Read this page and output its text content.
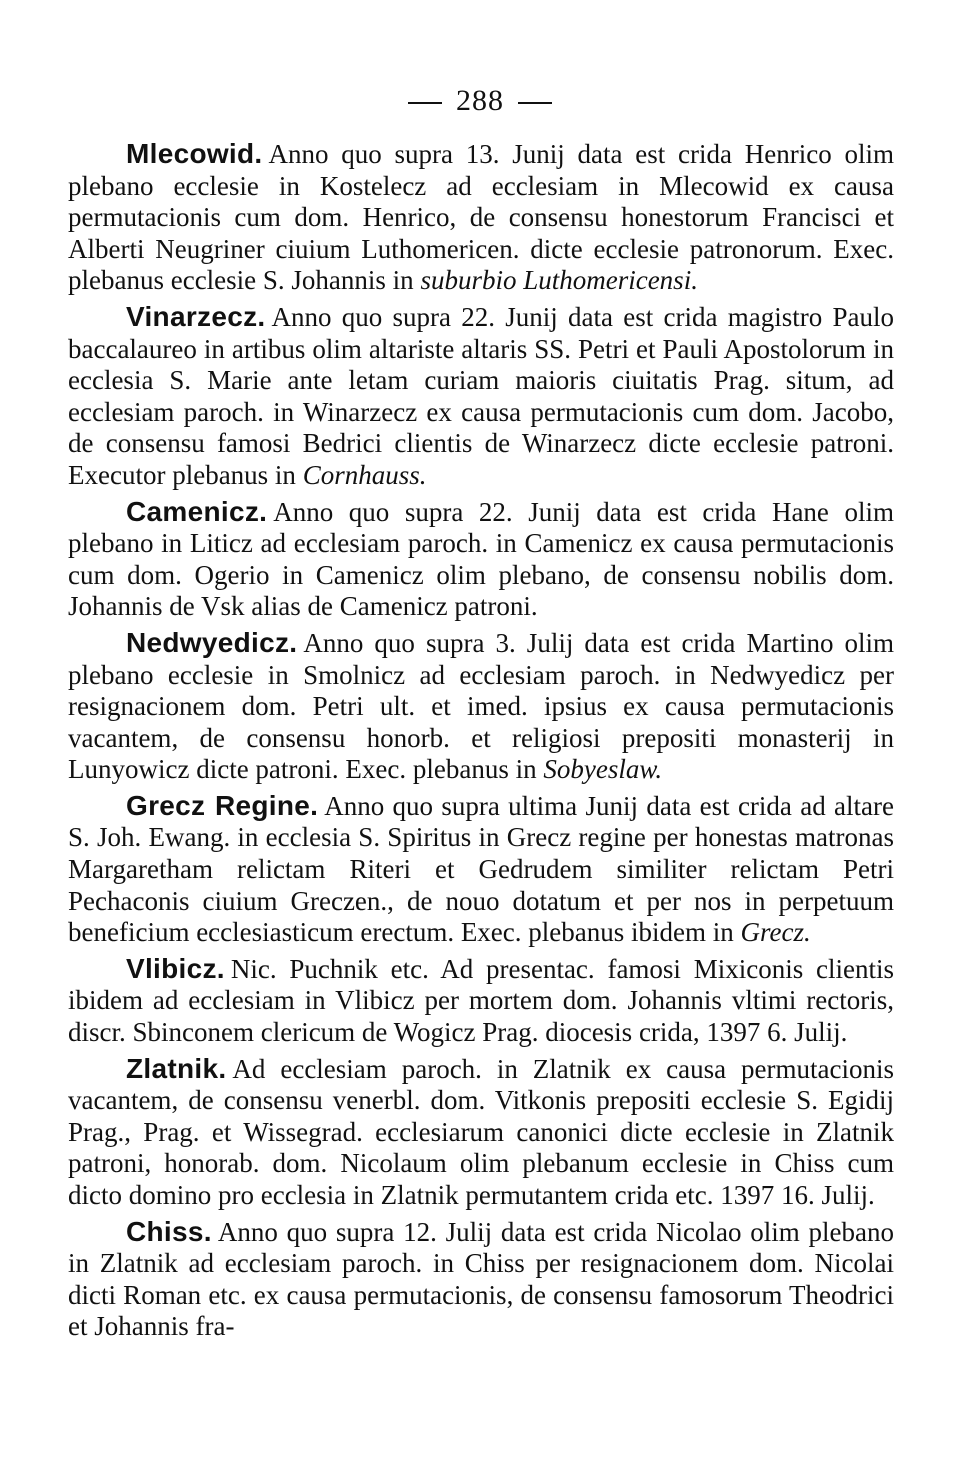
288

Mlecowid. Anno quo supra 13. Junij data est crida Henrico olim plebano ecclesie in Kostelecz ad ecclesiam in Mlecowid ex causa permutacionis cum dom. Henrico, de consensu honestorum Francisci et Alberti Neugriner ciuium Luthomericen. dicte ecclesie patronorum. Exec. plebanus ecclesie S. Johannis in suburbio Luthomericensi.

Vinarzecz. Anno quo supra 22. Junij data est crida magistro Paulo baccalaureo in artibus olim altariste altaris SS. Petri et Pauli Apostolorum in ecclesia S. Marie ante letam curiam maioris ciuitatis Prag. situm, ad ecclesiam paroch. in Winarzecz ex causa permutacionis cum dom. Jacobo, de consensu famosi Bedrici clientis de Winarzecz dicte ecclesie patroni. Executor plebanus in Cornhauss.

Camenicz. Anno quo supra 22. Junij data est crida Hane olim plebano in Liticz ad ecclesiam paroch. in Camenicz ex causa permutacionis cum dom. Ogerio in Camenicz olim plebano, de consensu nobilis dom. Johannis de Vsk alias de Camenicz patroni.

Nedwyedicz. Anno quo supra 3. Julij data est crida Martino olim plebano ecclesie in Smolnicz ad ecclesiam paroch. in Nedwyedicz per resignacionem dom. Petri ult. et imed. ipsius ex causa permutacionis vacantem, de consensu honorb. et religiosi prepositi monasterij in Lunyowicz dicte patroni. Exec. plebanus in Sobyeslaw.

Grecz Regine. Anno quo supra ultima Junij data est crida ad altare S. Joh. Ewang. in ecclesia S. Spiritus in Grecz regine per honestas matronas Margaretham relictam Riteri et Gedrudem similiter relictam Petri Pechaconis ciuium Greczen., de nouo dotatum et per nos in perpetuum beneficium ecclesiasticum erectum. Exec. plebanus ibidem in Grecz.

Vlibicz. Nic. Puchnik etc. Ad presentac. famosi Mixiconis clientis ibidem ad ecclesiam in Vlibicz per mortem dom. Johannis vltimi rectoris, discr. Sbinconem clericum de Wogicz Prag. diocesis crida, 1397 6. Julij.

Zlatnik. Ad ecclesiam paroch. in Zlatnik ex causa permutacionis vacantem, de consensu venerbl. dom. Vitkonis prepositi ecclesie S. Egidij Prag., Prag. et Wissegrad. ecclesiarum canonici dicte ecclesie in Zlatnik patroni, honorab. dom. Nicolaum olim plebanum ecclesie in Chiss cum dicto domino pro ecclesia in Zlatnik permutantem crida etc. 1397 16. Julij.

Chiss. Anno quo supra 12. Julij data est crida Nicolao olim plebano in Zlatnik ad ecclesiam paroch. in Chiss per resignacionem dom. Nicolai dicti Roman etc. ex causa permutacionis, de consensu famosorum Theodrici et Johannis fra-
